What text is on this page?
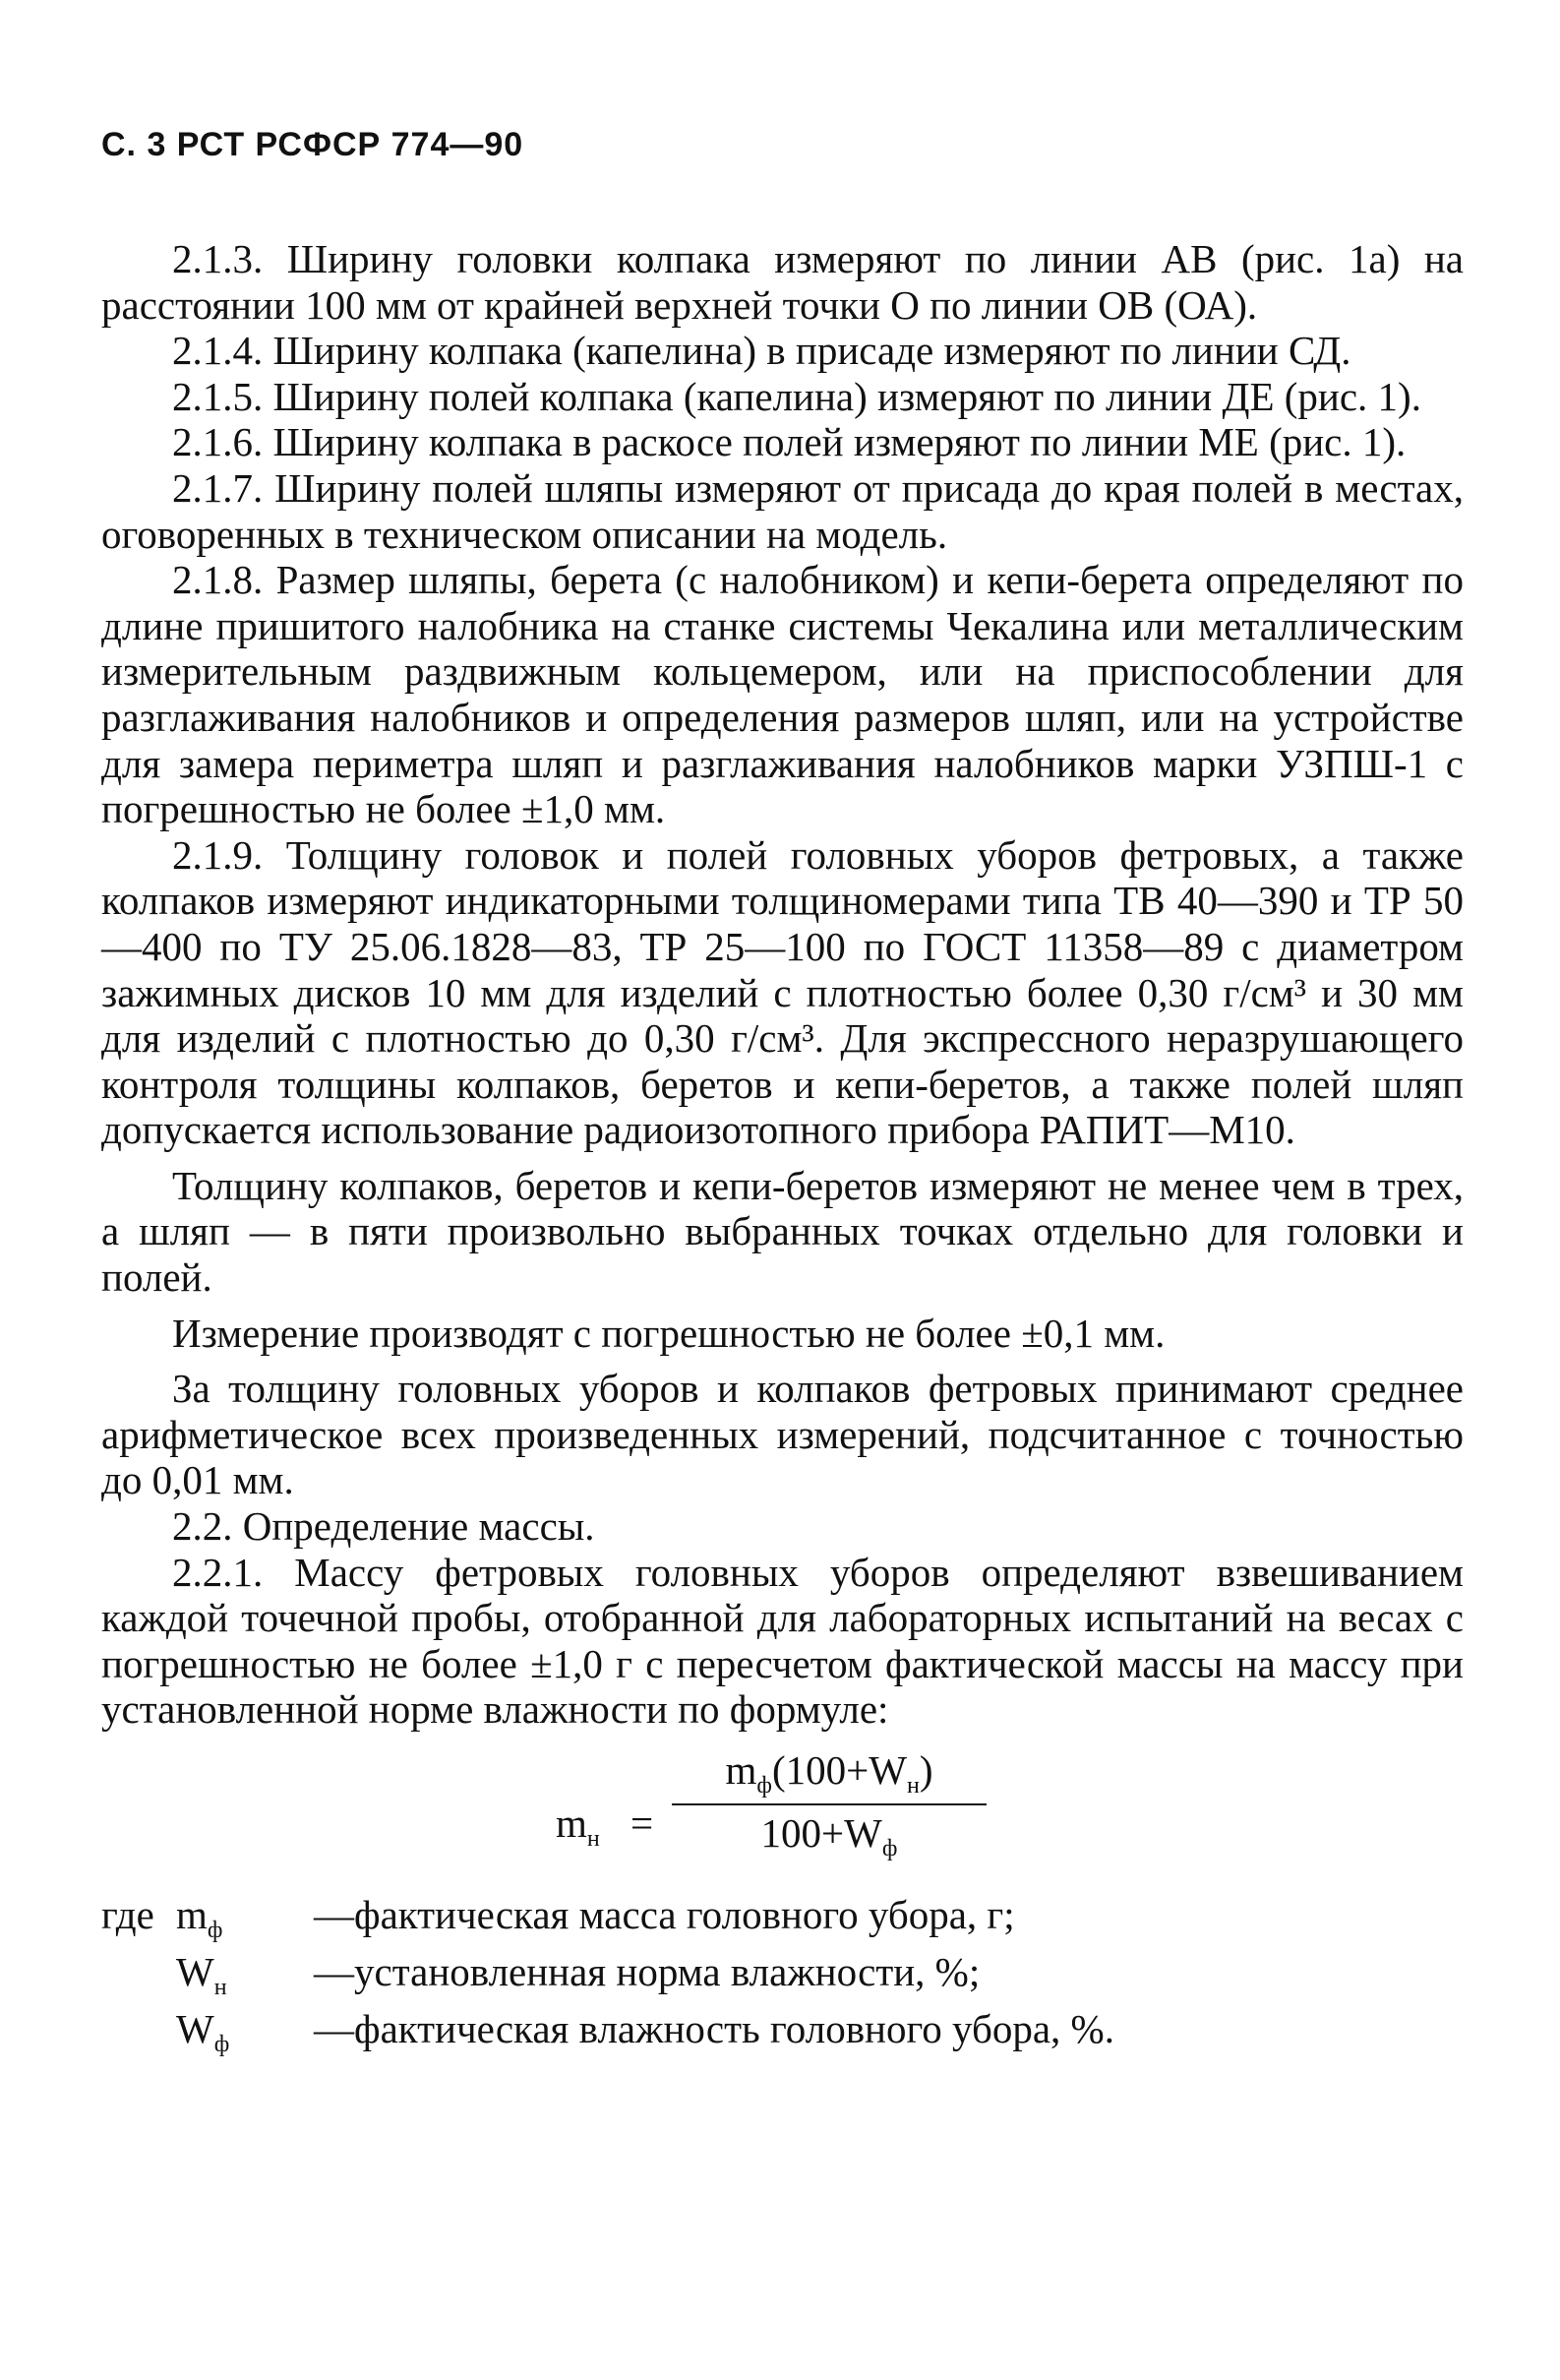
С. 3 РСТ РСФСР 774—90

2.1.3. Ширину головки колпака измеряют по линии АВ (рис. 1а) на расстоянии 100 мм от крайней верхней точки О по линии ОВ (ОА).

2.1.4. Ширину колпака (капелина) в присаде измеряют по линии СД.

2.1.5. Ширину полей колпака (капелина) измеряют по линии ДЕ (рис. 1).

2.1.6. Ширину колпака в раскосе полей измеряют по линии МЕ (рис. 1).

2.1.7. Ширину полей шляпы измеряют от присада до края полей в местах, оговоренных в техническом описании на модель.

2.1.8. Размер шляпы, берета (с налобником) и кепи-берета определяют по длине пришитого налобника на станке системы Чекалина или металлическим измерительным раздвижным кольцемером, или на приспособлении для разглаживания налобников и определения размеров шляп, или на устройстве для замера периметра шляп и разглаживания налобников марки УЗПШ-1 с погрешностью не более ±1,0 мм.

2.1.9. Толщину головок и полей головных уборов фетровых, а также колпаков измеряют индикаторными толщиномерами типа ТВ 40—390 и ТР 50—400 по ТУ 25.06.1828—83, ТР 25—100 по ГОСТ 11358—89 с диаметром зажимных дисков 10 мм для изделий с плотностью более 0,30 г/см³ и 30 мм для изделий с плотностью до 0,30 г/см³. Для экспрессного неразрушающего контроля толщины колпаков, беретов и кепи-беретов, а также полей шляп допускается использование радиоизотопного прибора РАПИТ—М10.

Толщину колпаков, беретов и кепи-беретов измеряют не менее чем в трех, а шляп — в пяти произвольно выбранных точках отдельно для головки и полей.

Измерение производят с погрешностью не более ±0,1 мм.

За толщину головных уборов и колпаков фетровых принимают среднее арифметическое всех произведенных измерений, подсчитанное с точностью до 0,01 мм.

2.2. Определение массы.

2.2.1. Массу фетровых головных уборов определяют взвешиванием каждой точечной пробы, отобранной для лабораторных испытаний на весах с погрешностью не более ±1,0 г с пересчетом фактической массы на массу при установленной норме влажности по формуле:

$m_н$ =
$m_ф(100+W_н)$
$100+W_ф$
где $m_ф$	—фактическая масса головного убора, г;
$W_н$	—установленная норма влажности, %;
$W_ф$	—фактическая влажность головного убора, %.
